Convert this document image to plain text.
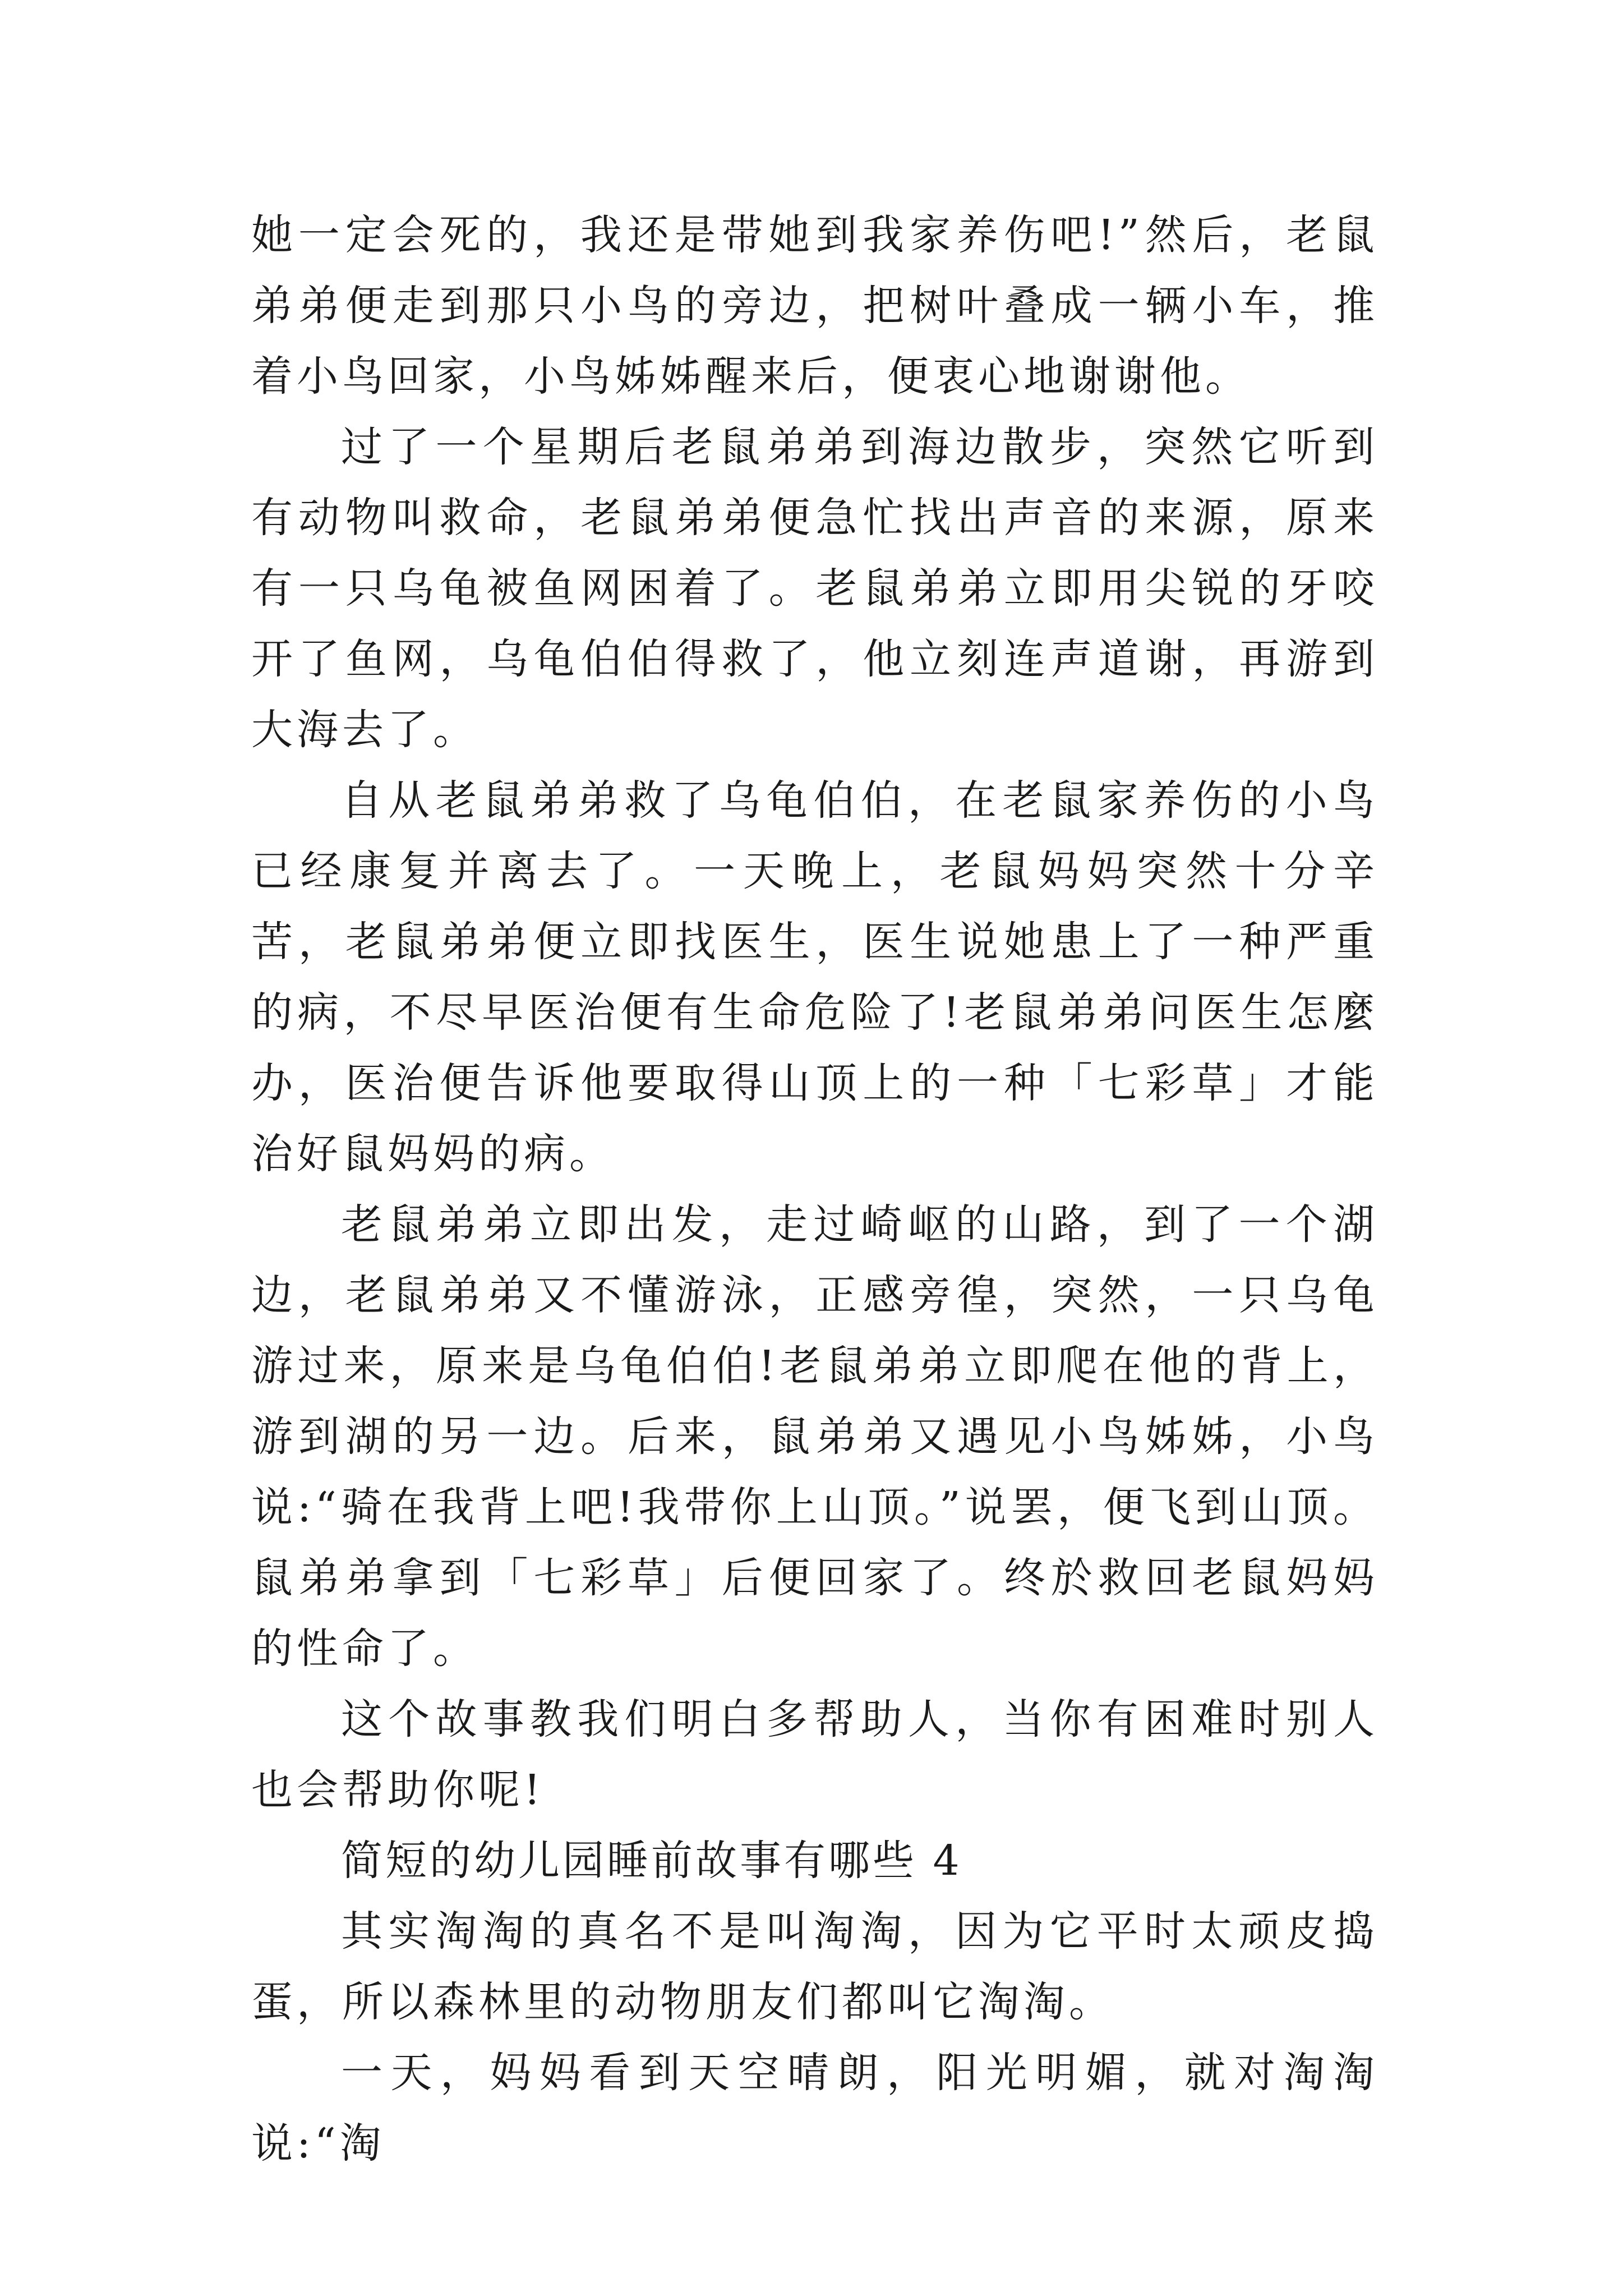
她一定会死的，我还是带她到我家养伤吧!”然后，老鼠弟弟便走到那只小鸟的旁边，把树叶叠成一辆小车，推着小鸟回家，小鸟姊姊醒来后，便衷心地谢谢他。

过了一个星期后老鼠弟弟到海边散步，突然它听到有动物叫救命，老鼠弟弟便急忙找出声音的来源，原来有一只乌龟被鱼网困着了。老鼠弟弟立即用尖锐的牙咬开了鱼网，乌龟伯伯得救了，他立刻连声道谢，再游到大海去了。

自从老鼠弟弟救了乌龟伯伯，在老鼠家养伤的小鸟已经康复并离去了。一天晚上，老鼠妈妈突然十分辛苦，老鼠弟弟便立即找医生，医生说她患上了一种严重的病，不尽早医治便有生命危险了!老鼠弟弟问医生怎麼办，医治便告诉他要取得山顶上的一种「七彩草」才能治好鼠妈妈的病。

老鼠弟弟立即出发，走过崎岖的山路，到了一个湖边，老鼠弟弟又不懂游泳，正感旁徨，突然，一只乌龟游过来，原来是乌龟伯伯!老鼠弟弟立即爬在他的背上，游到湖的另一边。后来，鼠弟弟又遇见小鸟姊姊，小鸟说:“骑在我背上吧!我带你上山顶。”说罢，便飞到山顶。鼠弟弟拿到「七彩草」后便回家了。终於救回老鼠妈妈的性命了。

这个故事教我们明白多帮助人，当你有困难时别人也会帮助你呢!

简短的幼儿园睡前故事有哪些 4

其实淘淘的真名不是叫淘淘，因为它平时太顽皮捣蛋，所以森林里的动物朋友们都叫它淘淘。

一天，妈妈看到天空晴朗，阳光明媚，就对淘淘说:“淘
